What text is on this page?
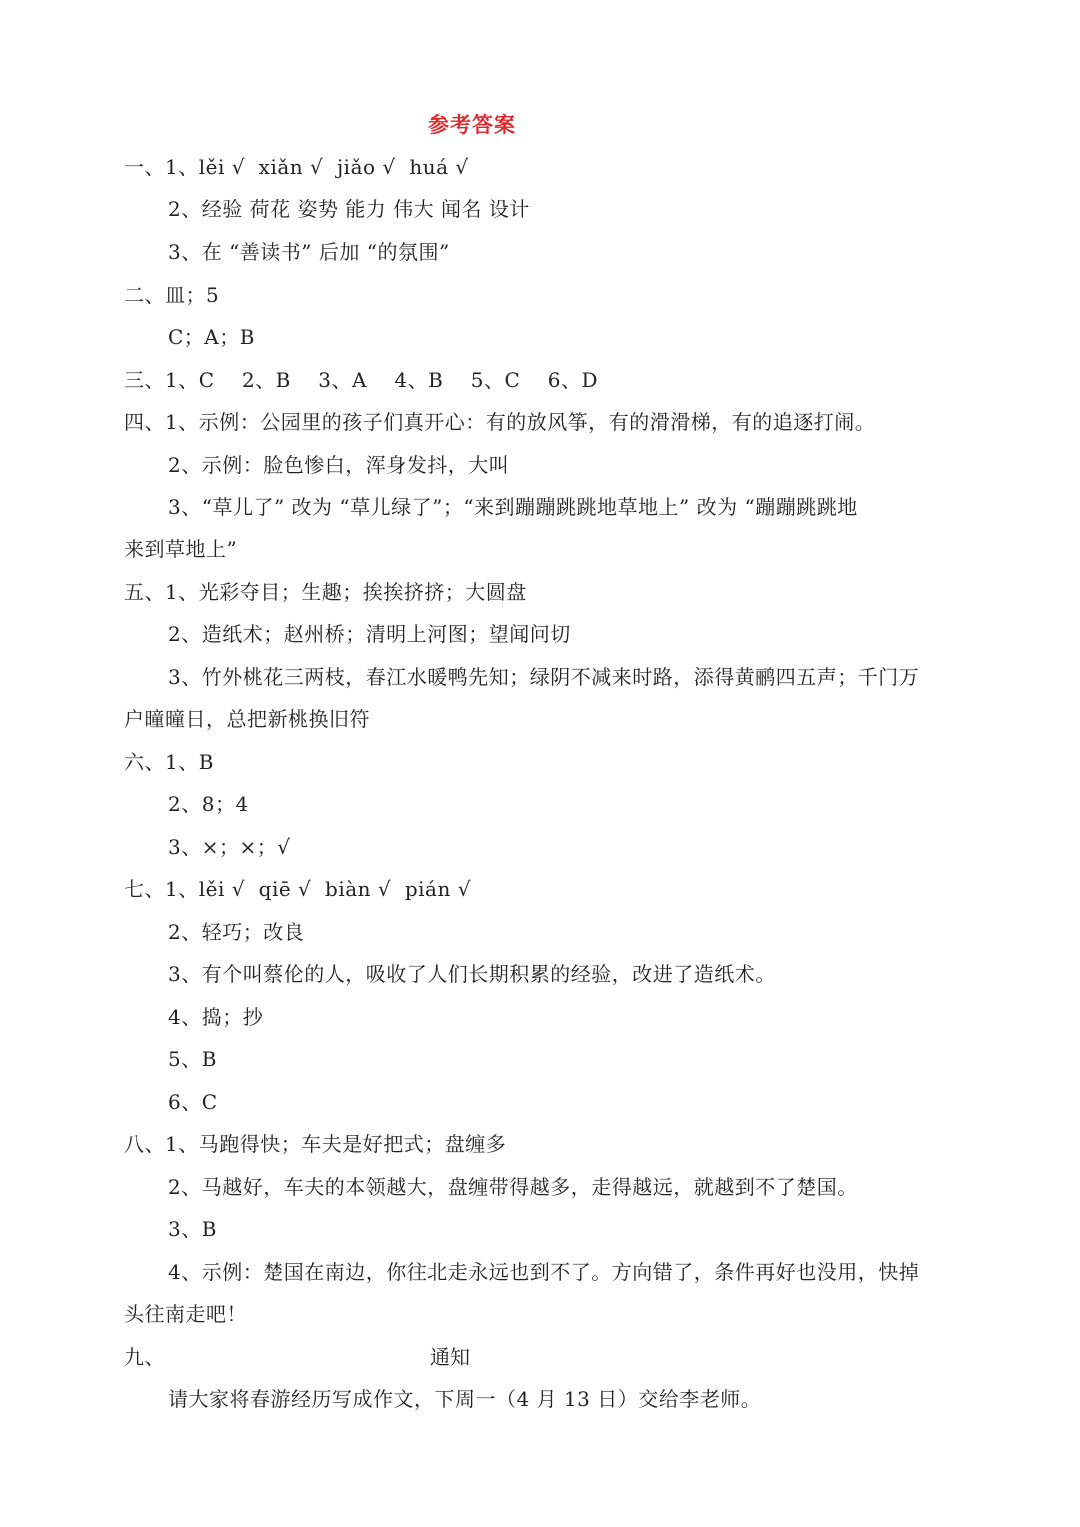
参考答案
一、1、lěi √  xiǎn √  jiǎo √  huá √
2、经验 荷花 姿势 能力 伟大 闻名 设计
3、在 “善读书” 后加 “的氛围”
二、皿；5
C；A；B
三、1、C    2、B    3、A    4、B    5、C    6、D
四、1、示例：公园里的孩子们真开心：有的放风筝，有的滑滑梯，有的追逐打闹。
2、示例：脸色惨白，浑身发抖，大叫
3、“草儿了” 改为 “草儿绿了”；“来到蹦蹦跳跳地草地上” 改为 “蹦蹦跳跳地
来到草地上”
五、1、光彩夺目；生趣；挨挨挤挤；大圆盘
2、造纸术；赵州桥；清明上河图；望闻问切
3、竹外桃花三两枝，春江水暖鸭先知；绿阴不减来时路，添得黄鹂四五声；千门万
户曈曈日，总把新桃换旧符
六、1、B
2、8；4
3、×；×；√
七、1、lěi √  qiē √  biàn √  pián √
2、轻巧；改良
3、有个叫蔡伦的人，吸收了人们长期积累的经验，改进了造纸术。
4、捣；抄
5、B
6、C
八、1、马跑得快；车夫是好把式；盘缠多
2、马越好，车夫的本领越大，盘缠带得越多，走得越远，就越到不了楚国。
3、B
4、示例：楚国在南边，你往北走永远也到不了。方向错了，条件再好也没用，快掉
头往南走吧！
九、	通知
请大家将春游经历写成作文，下周一（4 月 13 日）交给李老师。
